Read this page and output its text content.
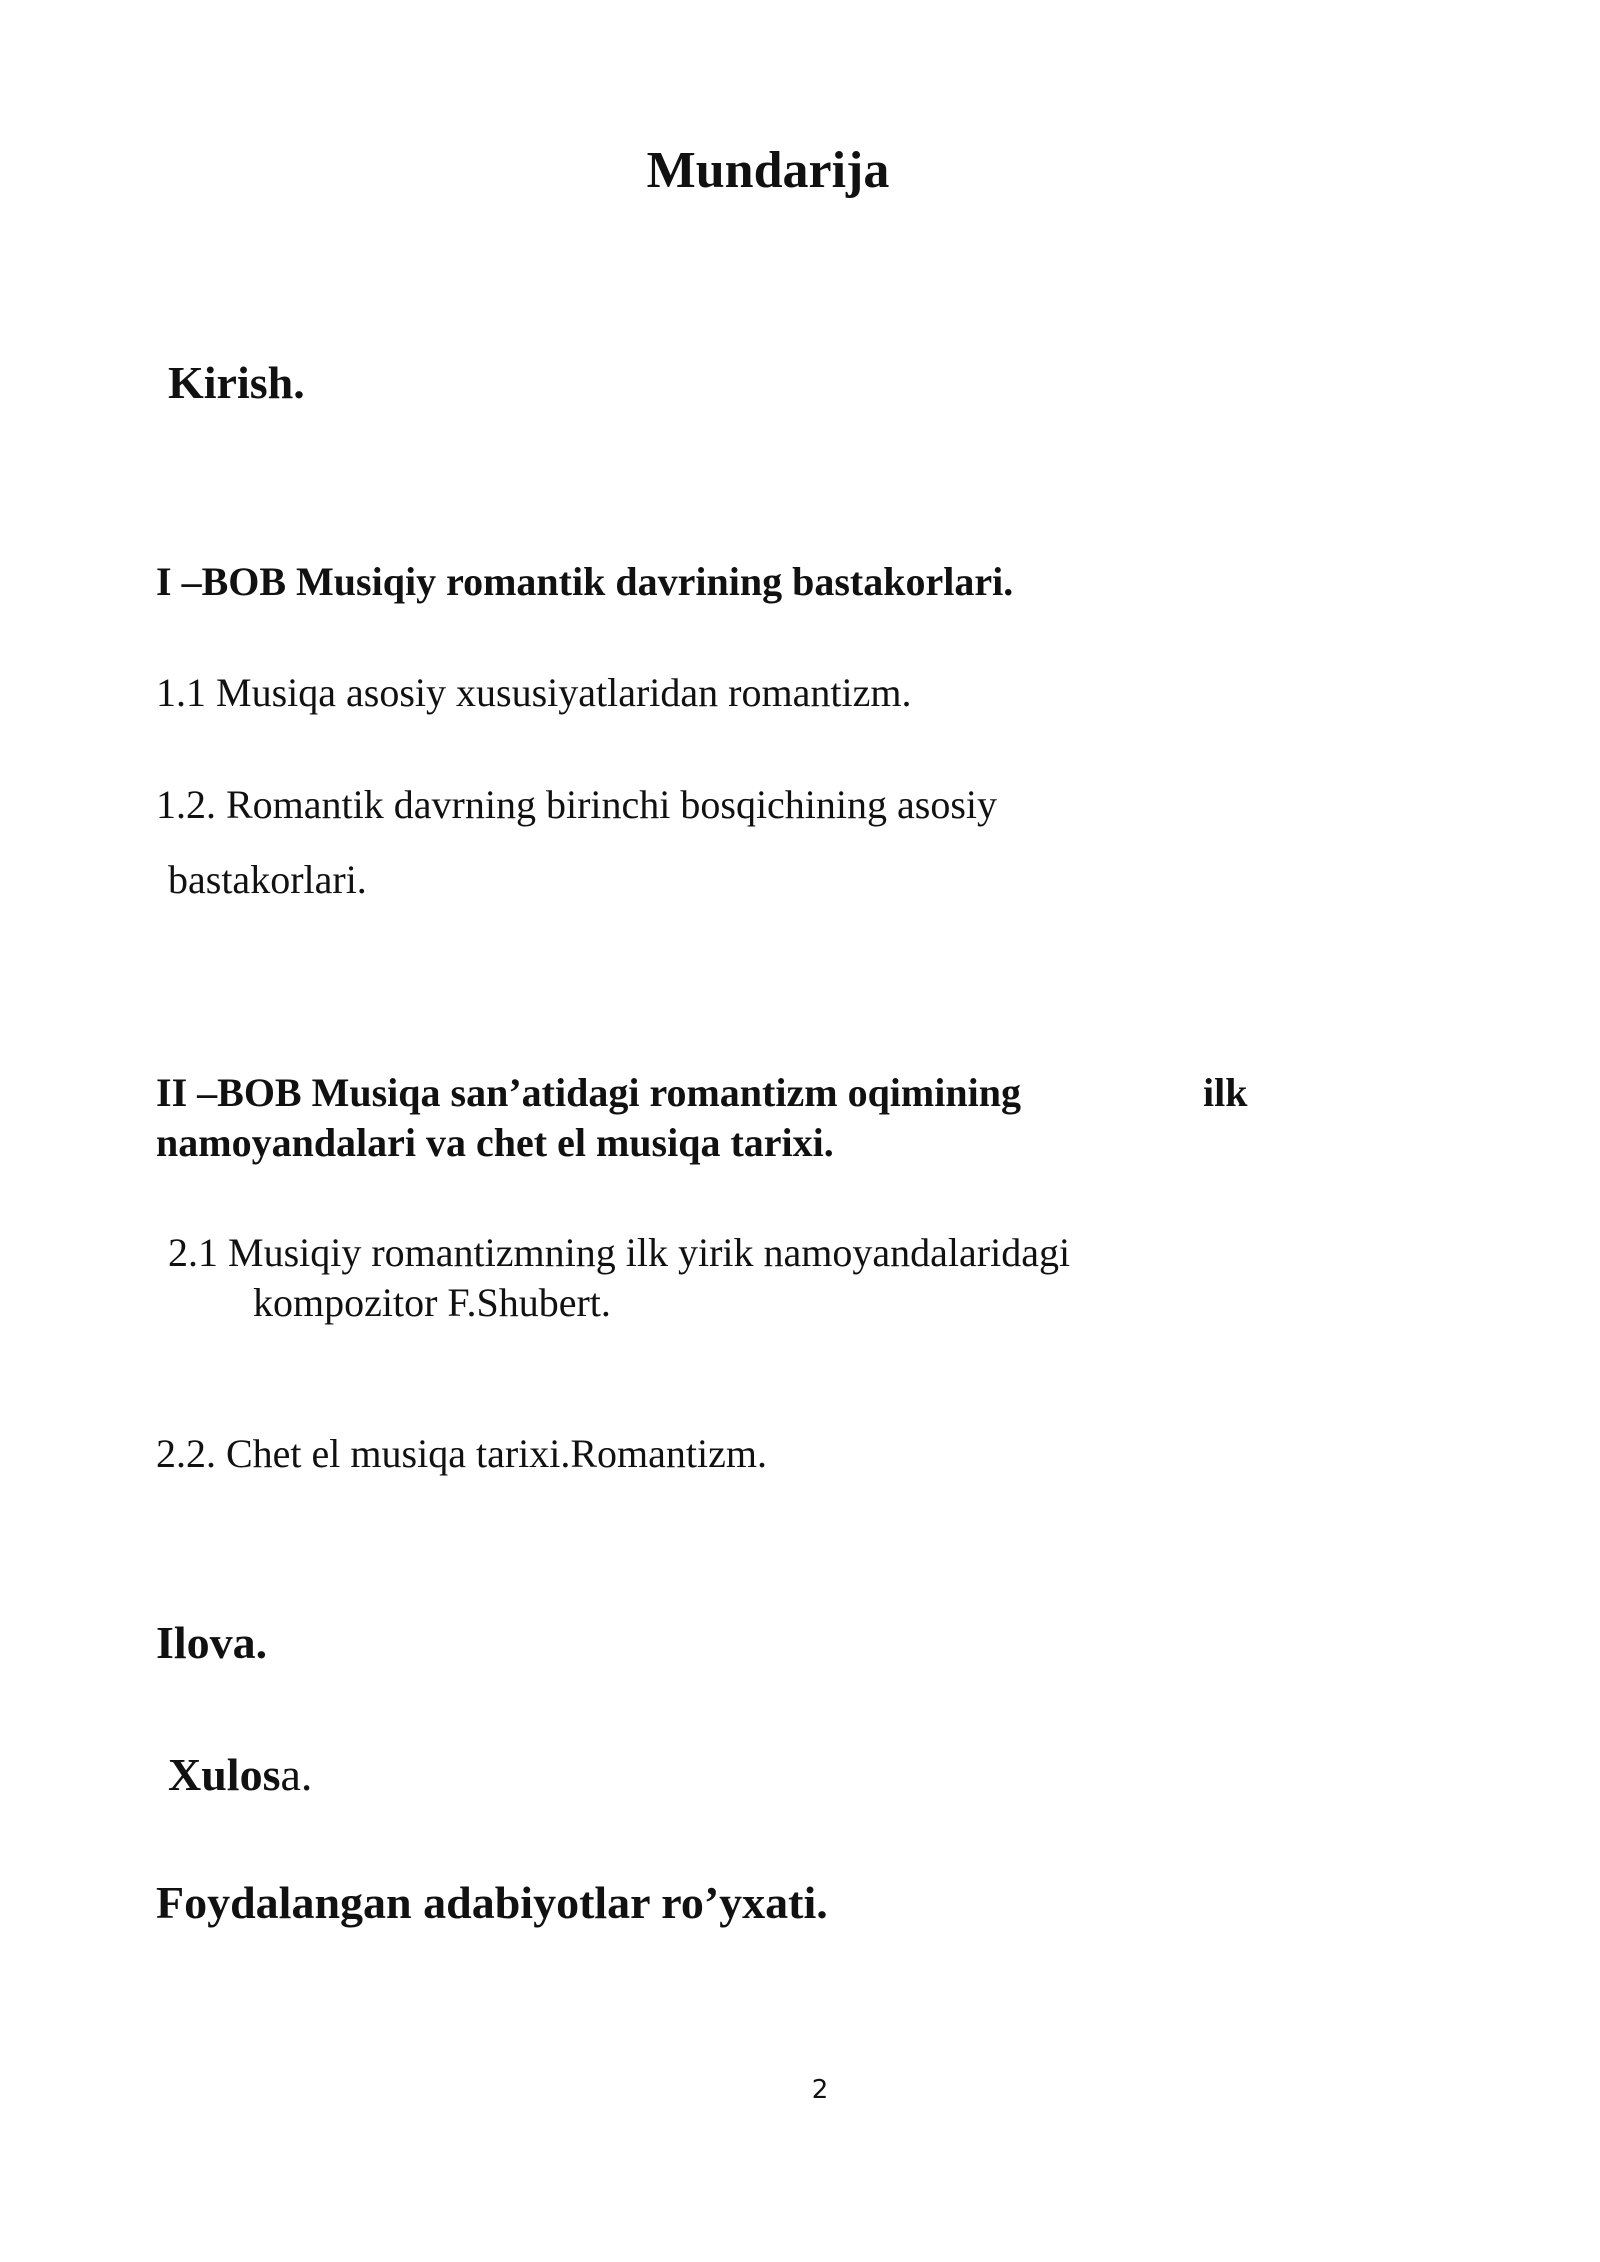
Mundarija
Kirish.
I –BOB Musiqiy romantik davrining bastakorlari.
1.1 Musiqa asosiy xususiyatlaridan romantizm.
1.2. Romantik davrning birinchi bosqichining asosiy
bastakorlari.
II –BOB Musiqa san’atidagi romantizm oqimining	ilk
namoyandalari va chet el musiqa tarixi.
2.1 Musiqiy romantizmning ilk yirik namoyandalaridagi
kompozitor F.Shubert.
2.2. Chet el musiqa tarixi.Romantizm.
Ilova.
Xulosa.
Foydalangan adabiyotlar ro’yxati.
2
